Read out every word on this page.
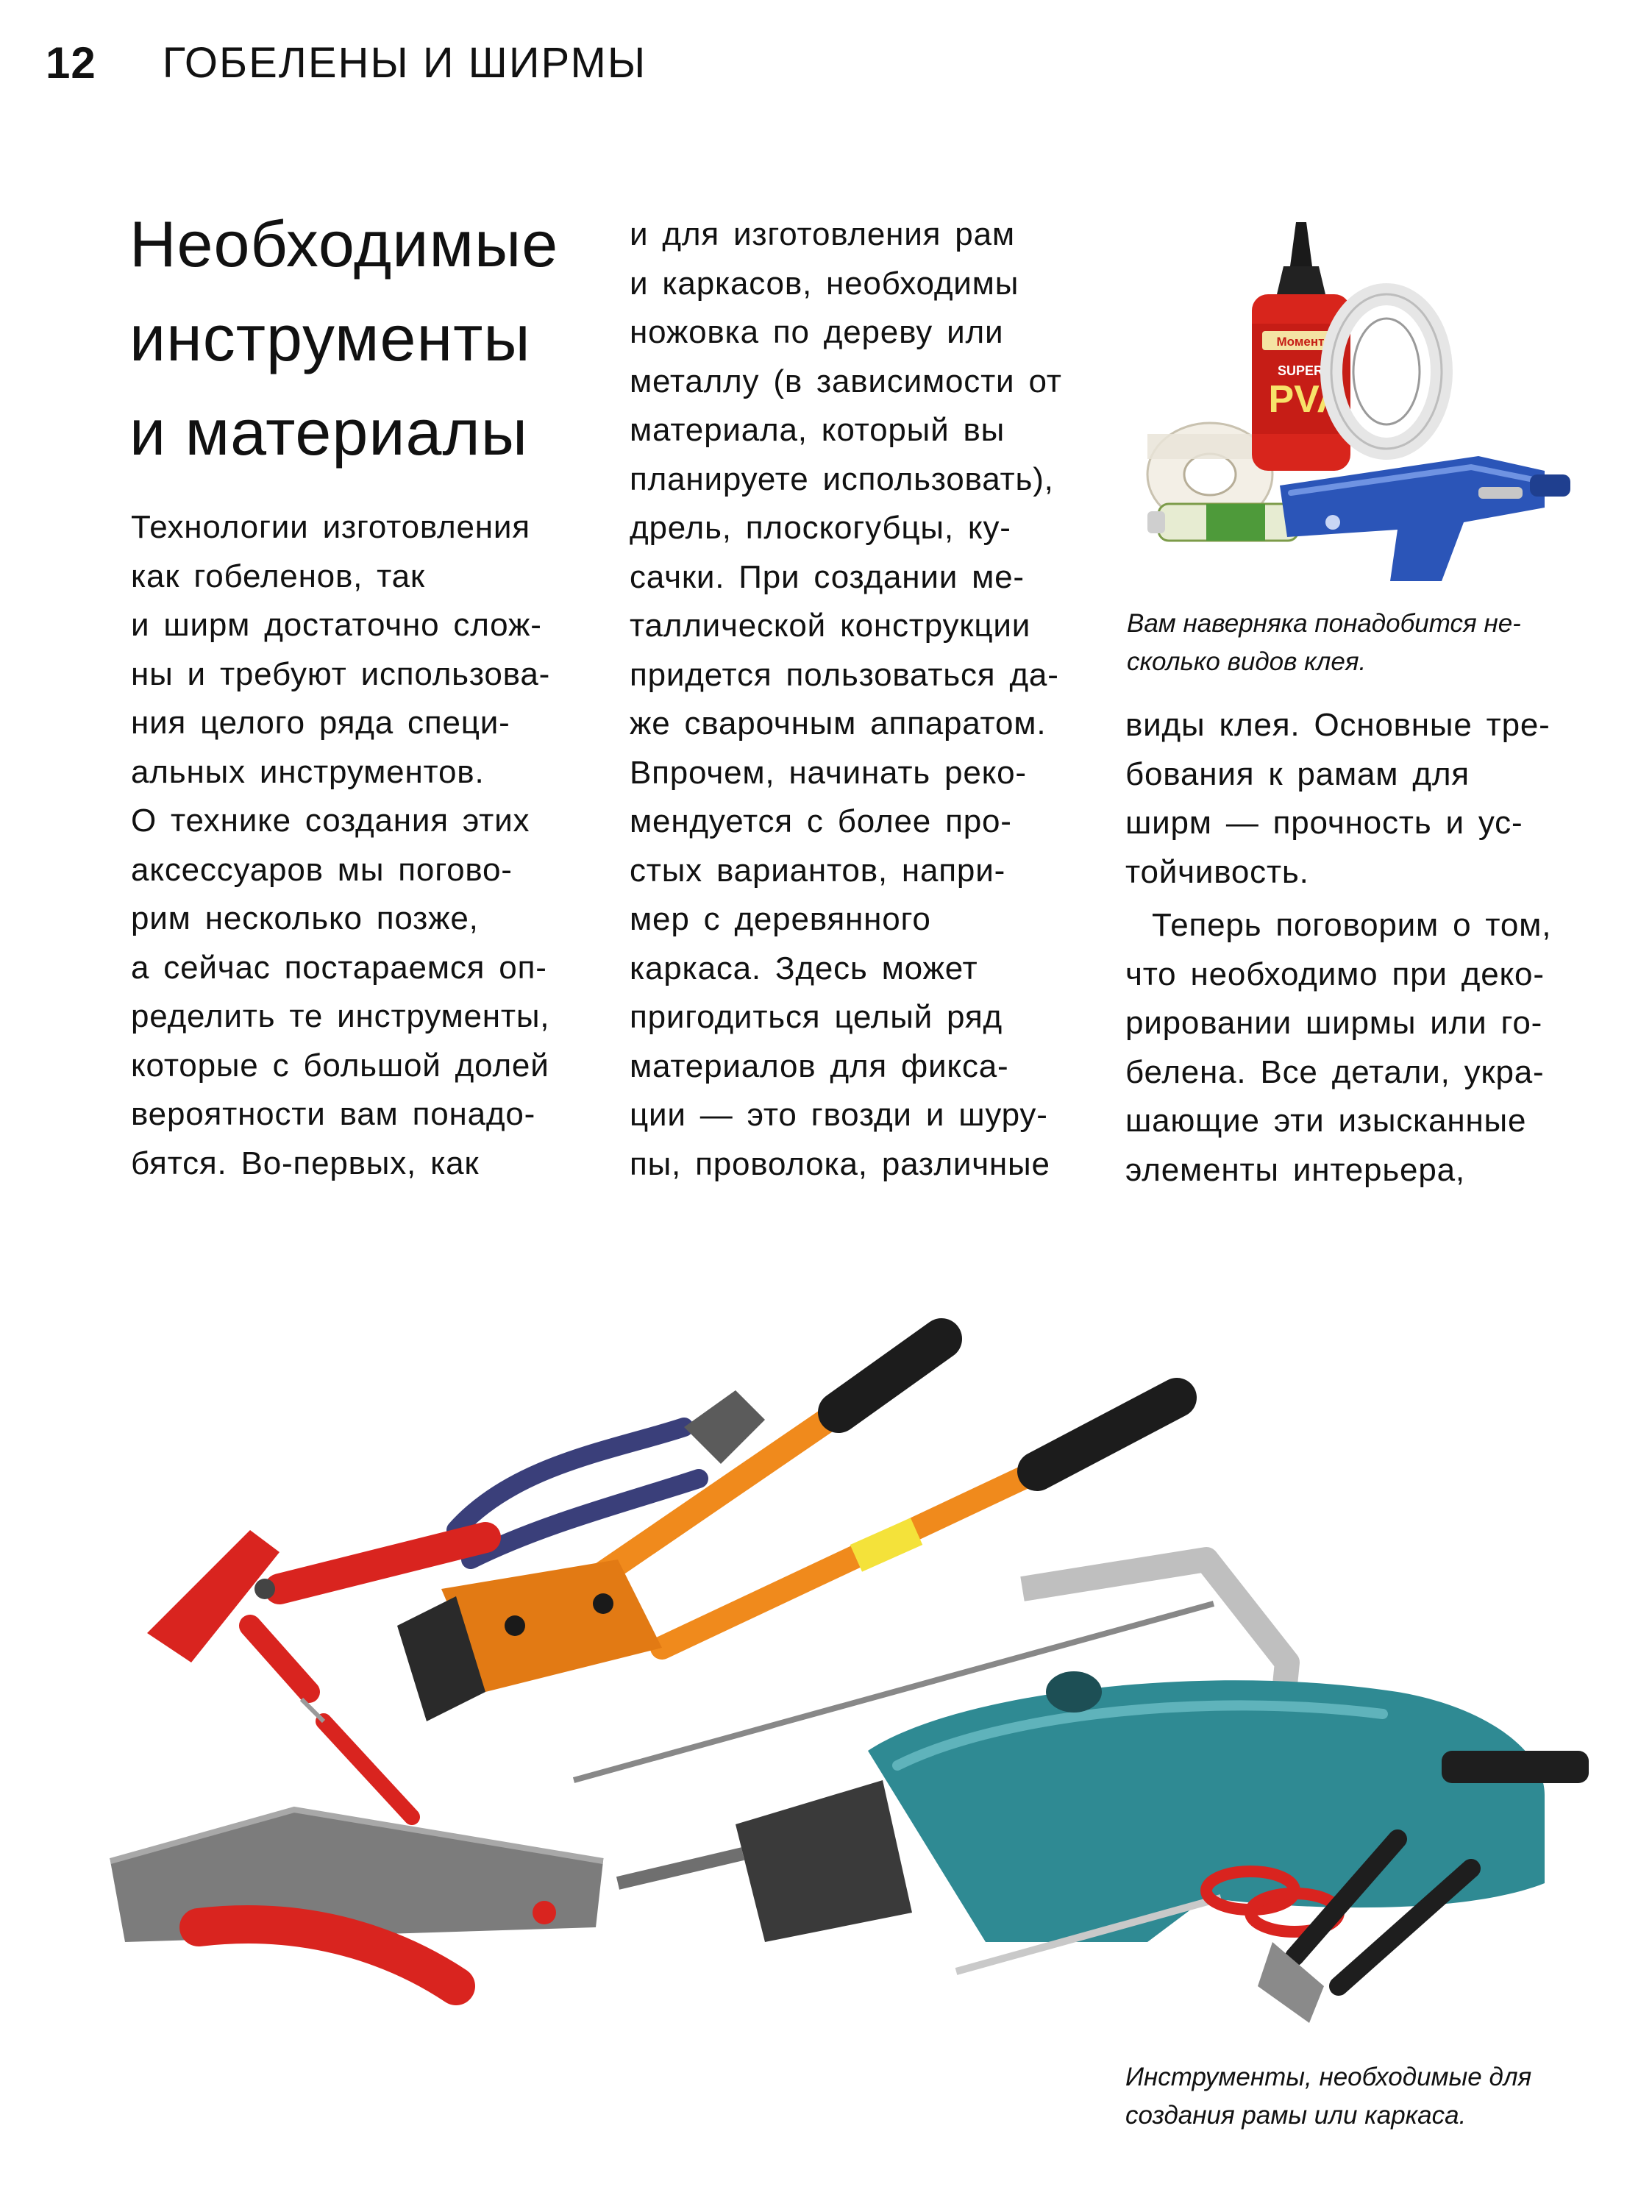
12 ГОБЕЛЕНЫ И ШИРМЫ
Необходимые
инструменты
и материалы
Технологии изготовления
как гобеленов, так
и ширм достаточно слож-
ны и требуют использова-
ния целого ряда специ-
альных инструментов.
О технике создания этих
аксессуаров мы погово-
рим несколько позже,
а сейчас постараемся оп-
ределить те инструменты,
которые с большой долей
вероятности вам понадо-
бятся. Во-первых, как
и для изготовления рам
и каркасов, необходимы
ножовка по дереву или
металлу (в зависимости от
материала, который вы
планируете использовать),
дрель, плоскогубцы, ку-
сачки. При создании ме-
таллической конструкции
придется пользоваться да-
же сварочным аппаратом.
Впрочем, начинать реко-
мендуется с более про-
стых вариантов, напри-
мер с деревянного
каркаса. Здесь может
пригодиться целый ряд
материалов для фикса-
ции — это гвозди и шуру-
пы, проволока, различные
виды клея. Основные тре-
бования к рамам для
ширм — прочность и ус-
тойчивость.
Теперь поговорим о том,
что необходимо при деко-
рировании ширмы или го-
белена. Все детали, укра-
шающие эти изысканные
элементы интерьера,
Момент
SUPER
PVA
Вам наверняка понадобится не-
сколько видов клея.
Инструменты, необходимые для
создания рамы или каркаса.
